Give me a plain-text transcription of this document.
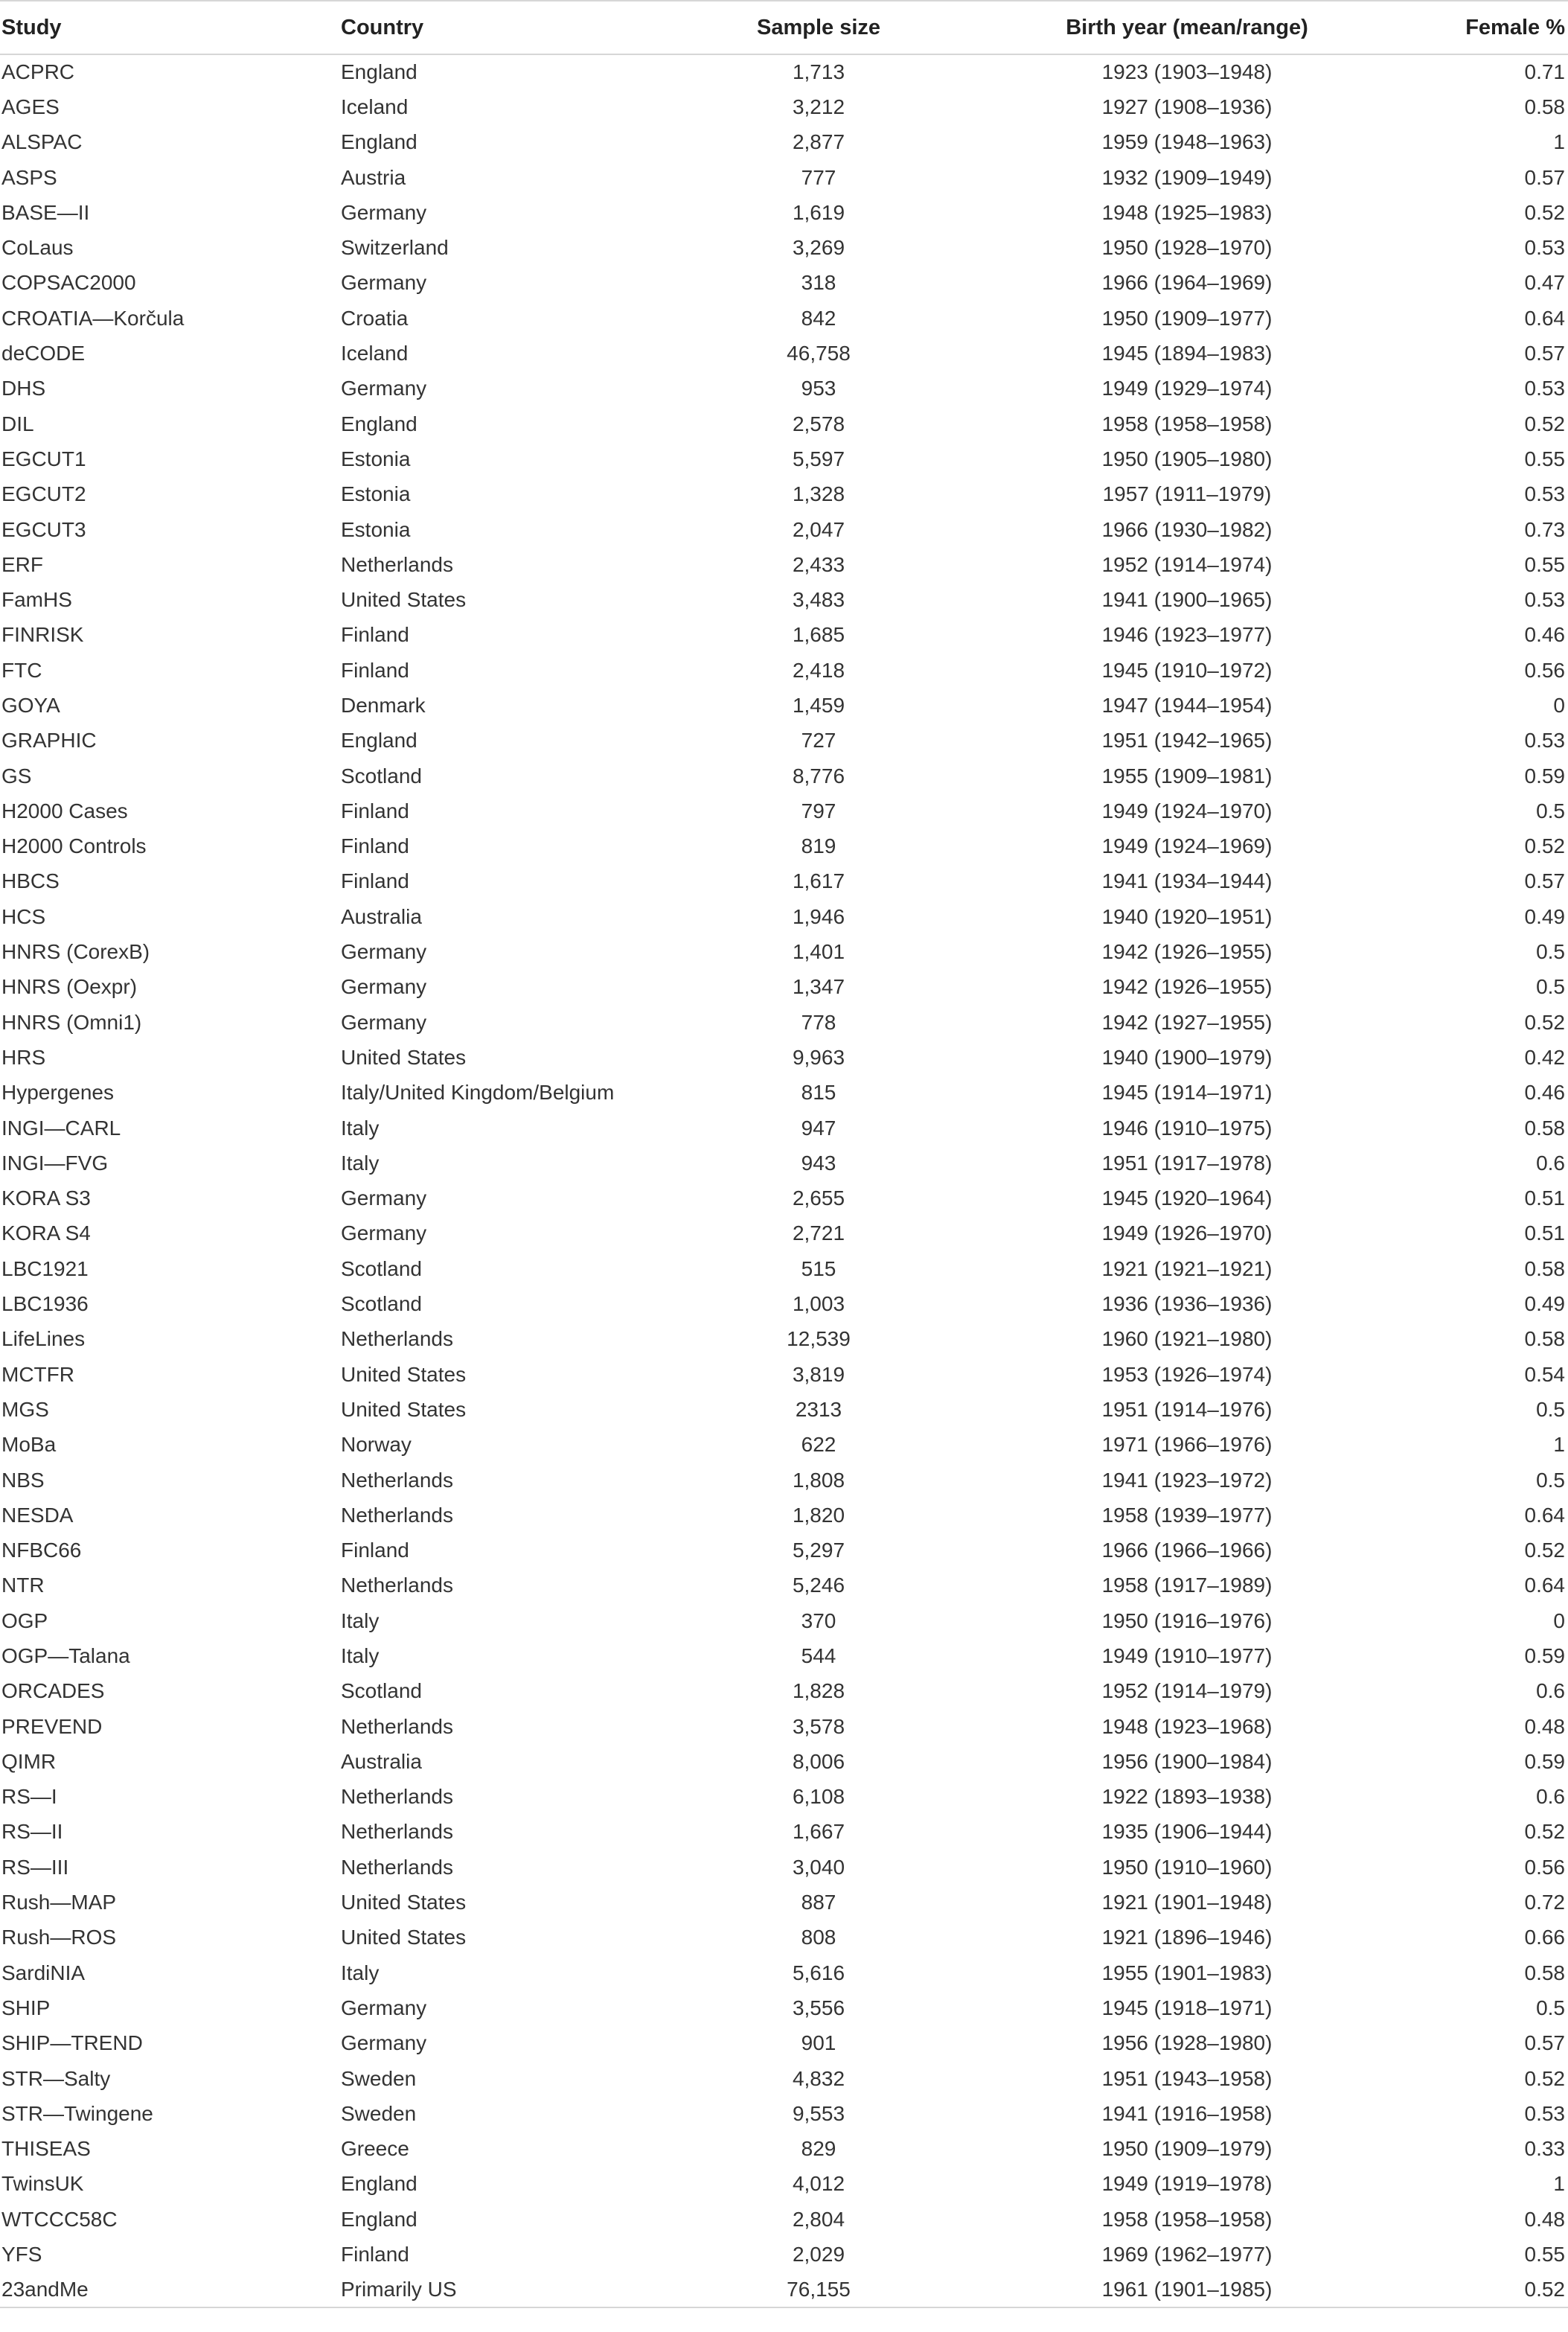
Study	Country	Sample size	Birth year (mean/range)	Female %
ACPRC	England	1,713	1923 (1903–1948)	0.71
AGES	Iceland	3,212	1927 (1908–1936)	0.58
ALSPAC	England	2,877	1959 (1948–1963)	1
ASPS	Austria	777	1932 (1909–1949)	0.57
BASE—II	Germany	1,619	1948 (1925–1983)	0.52
CoLaus	Switzerland	3,269	1950 (1928–1970)	0.53
COPSAC2000	Germany	318	1966 (1964–1969)	0.47
CROATIA—Korčula	Croatia	842	1950 (1909–1977)	0.64
deCODE	Iceland	46,758	1945 (1894–1983)	0.57
DHS	Germany	953	1949 (1929–1974)	0.53
DIL	England	2,578	1958 (1958–1958)	0.52
EGCUT1	Estonia	5,597	1950 (1905–1980)	0.55
EGCUT2	Estonia	1,328	1957 (1911–1979)	0.53
EGCUT3	Estonia	2,047	1966 (1930–1982)	0.73
ERF	Netherlands	2,433	1952 (1914–1974)	0.55
FamHS	United States	3,483	1941 (1900–1965)	0.53
FINRISK	Finland	1,685	1946 (1923–1977)	0.46
FTC	Finland	2,418	1945 (1910–1972)	0.56
GOYA	Denmark	1,459	1947 (1944–1954)	0
GRAPHIC	England	727	1951 (1942–1965)	0.53
GS	Scotland	8,776	1955 (1909–1981)	0.59
H2000 Cases	Finland	797	1949 (1924–1970)	0.5
H2000 Controls	Finland	819	1949 (1924–1969)	0.52
HBCS	Finland	1,617	1941 (1934–1944)	0.57
HCS	Australia	1,946	1940 (1920–1951)	0.49
HNRS (CorexB)	Germany	1,401	1942 (1926–1955)	0.5
HNRS (Oexpr)	Germany	1,347	1942 (1926–1955)	0.5
HNRS (Omni1)	Germany	778	1942 (1927–1955)	0.52
HRS	United States	9,963	1940 (1900–1979)	0.42
Hypergenes	Italy/United Kingdom/Belgium	815	1945 (1914–1971)	0.46
INGI—CARL	Italy	947	1946 (1910–1975)	0.58
INGI—FVG	Italy	943	1951 (1917–1978)	0.6
KORA S3	Germany	2,655	1945 (1920–1964)	0.51
KORA S4	Germany	2,721	1949 (1926–1970)	0.51
LBC1921	Scotland	515	1921 (1921–1921)	0.58
LBC1936	Scotland	1,003	1936 (1936–1936)	0.49
LifeLines	Netherlands	12,539	1960 (1921–1980)	0.58
MCTFR	United States	3,819	1953 (1926–1974)	0.54
MGS	United States	2313	1951 (1914–1976)	0.5
MoBa	Norway	622	1971 (1966–1976)	1
NBS	Netherlands	1,808	1941 (1923–1972)	0.5
NESDA	Netherlands	1,820	1958 (1939–1977)	0.64
NFBC66	Finland	5,297	1966 (1966–1966)	0.52
NTR	Netherlands	5,246	1958 (1917–1989)	0.64
OGP	Italy	370	1950 (1916–1976)	0
OGP—Talana	Italy	544	1949 (1910–1977)	0.59
ORCADES	Scotland	1,828	1952 (1914–1979)	0.6
PREVEND	Netherlands	3,578	1948 (1923–1968)	0.48
QIMR	Australia	8,006	1956 (1900–1984)	0.59
RS—I	Netherlands	6,108	1922 (1893–1938)	0.6
RS—II	Netherlands	1,667	1935 (1906–1944)	0.52
RS—III	Netherlands	3,040	1950 (1910–1960)	0.56
Rush—MAP	United States	887	1921 (1901–1948)	0.72
Rush—ROS	United States	808	1921 (1896–1946)	0.66
SardiNIA	Italy	5,616	1955 (1901–1983)	0.58
SHIP	Germany	3,556	1945 (1918–1971)	0.5
SHIP—TREND	Germany	901	1956 (1928–1980)	0.57
STR—Salty	Sweden	4,832	1951 (1943–1958)	0.52
STR—Twingene	Sweden	9,553	1941 (1916–1958)	0.53
THISEAS	Greece	829	1950 (1909–1979)	0.33
TwinsUK	England	4,012	1949 (1919–1978)	1
WTCCC58C	England	2,804	1958 (1958–1958)	0.48
YFS	Finland	2,029	1969 (1962–1977)	0.55
23andMe	Primarily US	76,155	1961 (1901–1985)	0.52
